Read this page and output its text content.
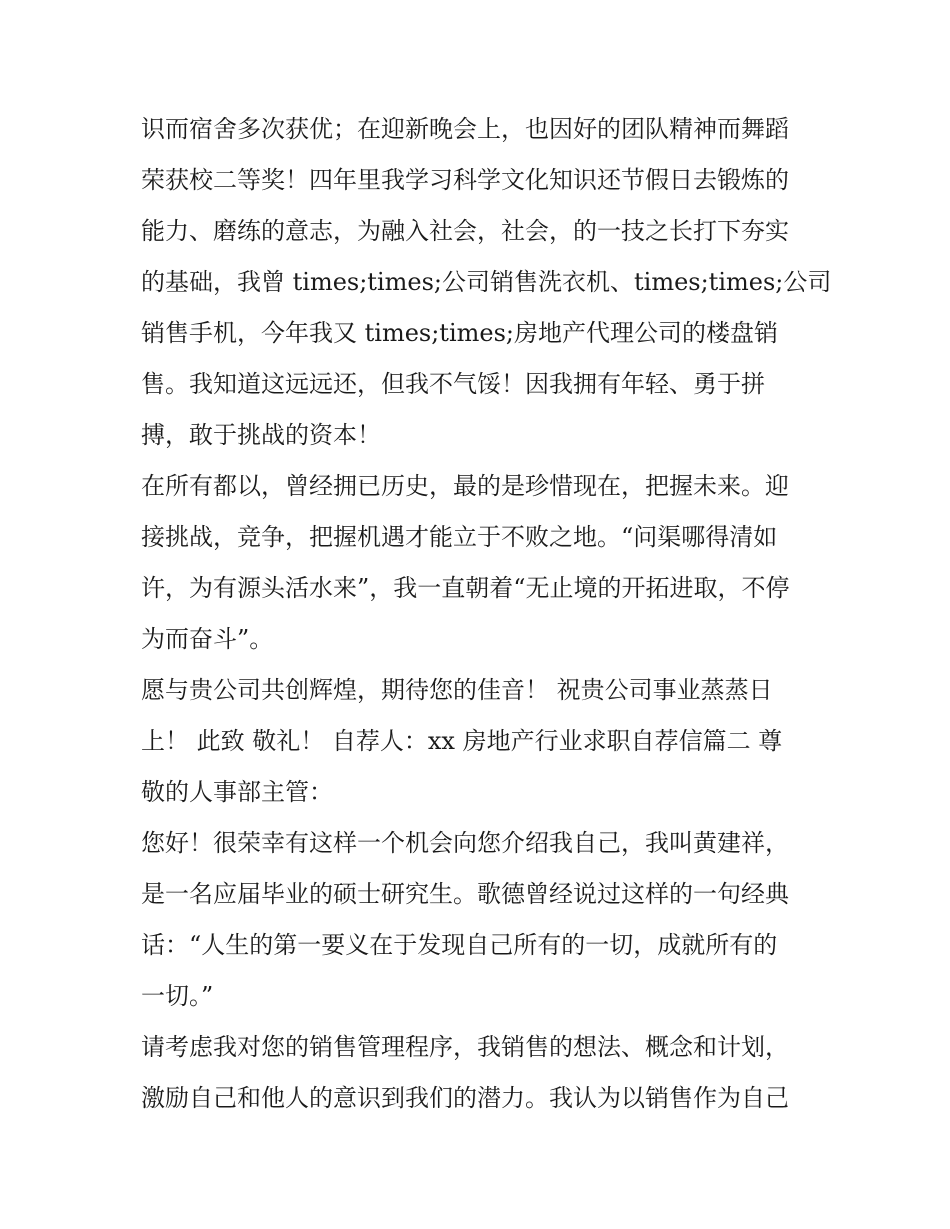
识而宿舍多次获优；在迎新晚会上，也因好的团队精神而舞蹈
荣获校二等奖！四年里我学习科学文化知识还节假日去锻炼的
能力、磨练的意志，为融入社会，社会，的一技之长打下夯实
的基础，我曾 times;times;公司销售洗衣机、times;times;公司
销售手机，今年我又 times;times;房地产代理公司的楼盘销
售。我知道这远远还，但我不气馁！因我拥有年轻、勇于拼
搏，敢于挑战的资本！
在所有都以，曾经拥已历史，最的是珍惜现在，把握未来。迎
接挑战，竞争，把握机遇才能立于不败之地。“问渠哪得清如
许，为有源头活水来”，我一直朝着“无止境的开拓进取，不停
为而奋斗”。
愿与贵公司共创辉煌，期待您的佳音！ 祝贵公司事业蒸蒸日
上！ 此致 敬礼！ 自荐人：xx 房地产行业求职自荐信篇二 尊
敬的人事部主管：
您好！很荣幸有这样一个机会向您介绍我自己，我叫黄建祥，
是一名应届毕业的硕士研究生。歌德曾经说过这样的一句经典
话：“人生的第一要义在于发现自己所有的一切，成就所有的
一切。”
请考虑我对您的销售管理程序，我销售的想法、概念和计划，
激励自己和他人的意识到我们的潜力。我认为以销售作为自己
